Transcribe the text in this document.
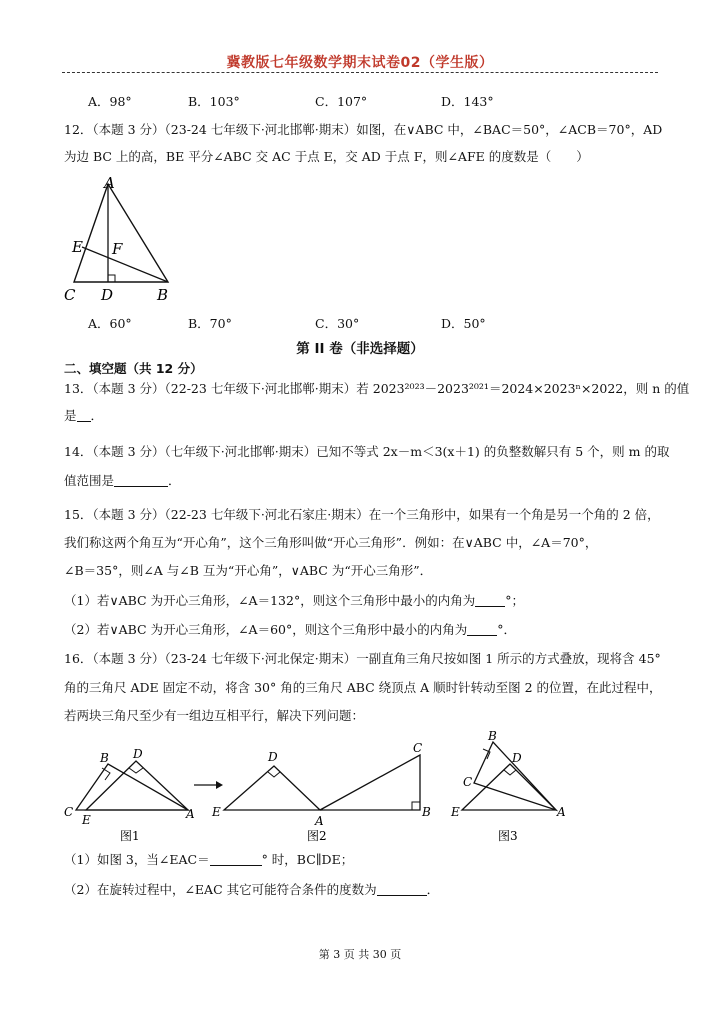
冀教版七年级数学期末试卷02（学生版）
A．98°	B．103°	C．107°	D．143°
12．（本题 3 分）（23-24 七年级下·河北邯郸·期末）如图，在∨ABC 中，∠BAC＝50°，∠ACB＝70°，AD
为边 BC 上的高，BE 平分∠ABC 交 AC 于点 E，交 AD 于点 F，则∠AFE 的度数是（　　）
A
E F
C D	B
A．60°	B．70°	C．30°	D．50°
第 II 卷（非选择题）
二、填空题（共 12 分）
13．（本题 3 分）（22-23 七年级下·河北邯郸·期末）若 2023²⁰²³－2023²⁰²¹＝2024×2023ⁿ×2022，则 n 的值
是 ．
14．（本题 3 分）（七年级下·河北邯郸·期末）已知不等式 2x－m＜3(x＋1) 的负整数解只有 5 个，则 m 的取
值范围是	．
15．（本题 3 分）（22-23 七年级下·河北石家庄·期末）在一个三角形中，如果有一个角是另一个角的 2 倍，
我们称这两个角互为“开心角”，这个三角形叫做“开心三角形”．例如：在∨ABC 中，∠A＝70°，
∠B＝35°，则∠A 与∠B 互为“开心角”，∨ABC 为“开心三角形”．
（1）若∨ABC 为开心三角形，∠A＝132°，则这个三角形中最小的内角为 °；
（2）若∨ABC 为开心三角形，∠A＝60°，则这个三角形中最小的内角为 °．
16．（本题 3 分）（23-24 七年级下·河北保定·期末）一副直角三角尺按如图 1 所示的方式叠放，现将含 45°
角的三角尺 ADE 固定不动，将含 30° 角的三角尺 ABC 绕顶点 A 顺时针转动至图 2 的位置，在此过程中，
若两块三角尺至少有一组边互相平行，解决下列问题：
B D
C
E	A
图1
D
C
E
A
B
图2
B
D
C
E	A
图3
（1）如图 3，当∠EAC＝	° 时，BC∥DE；
（2）在旋转过程中，∠EAC 其它可能符合条件的度数为	．
第 3 页 共 30 页
